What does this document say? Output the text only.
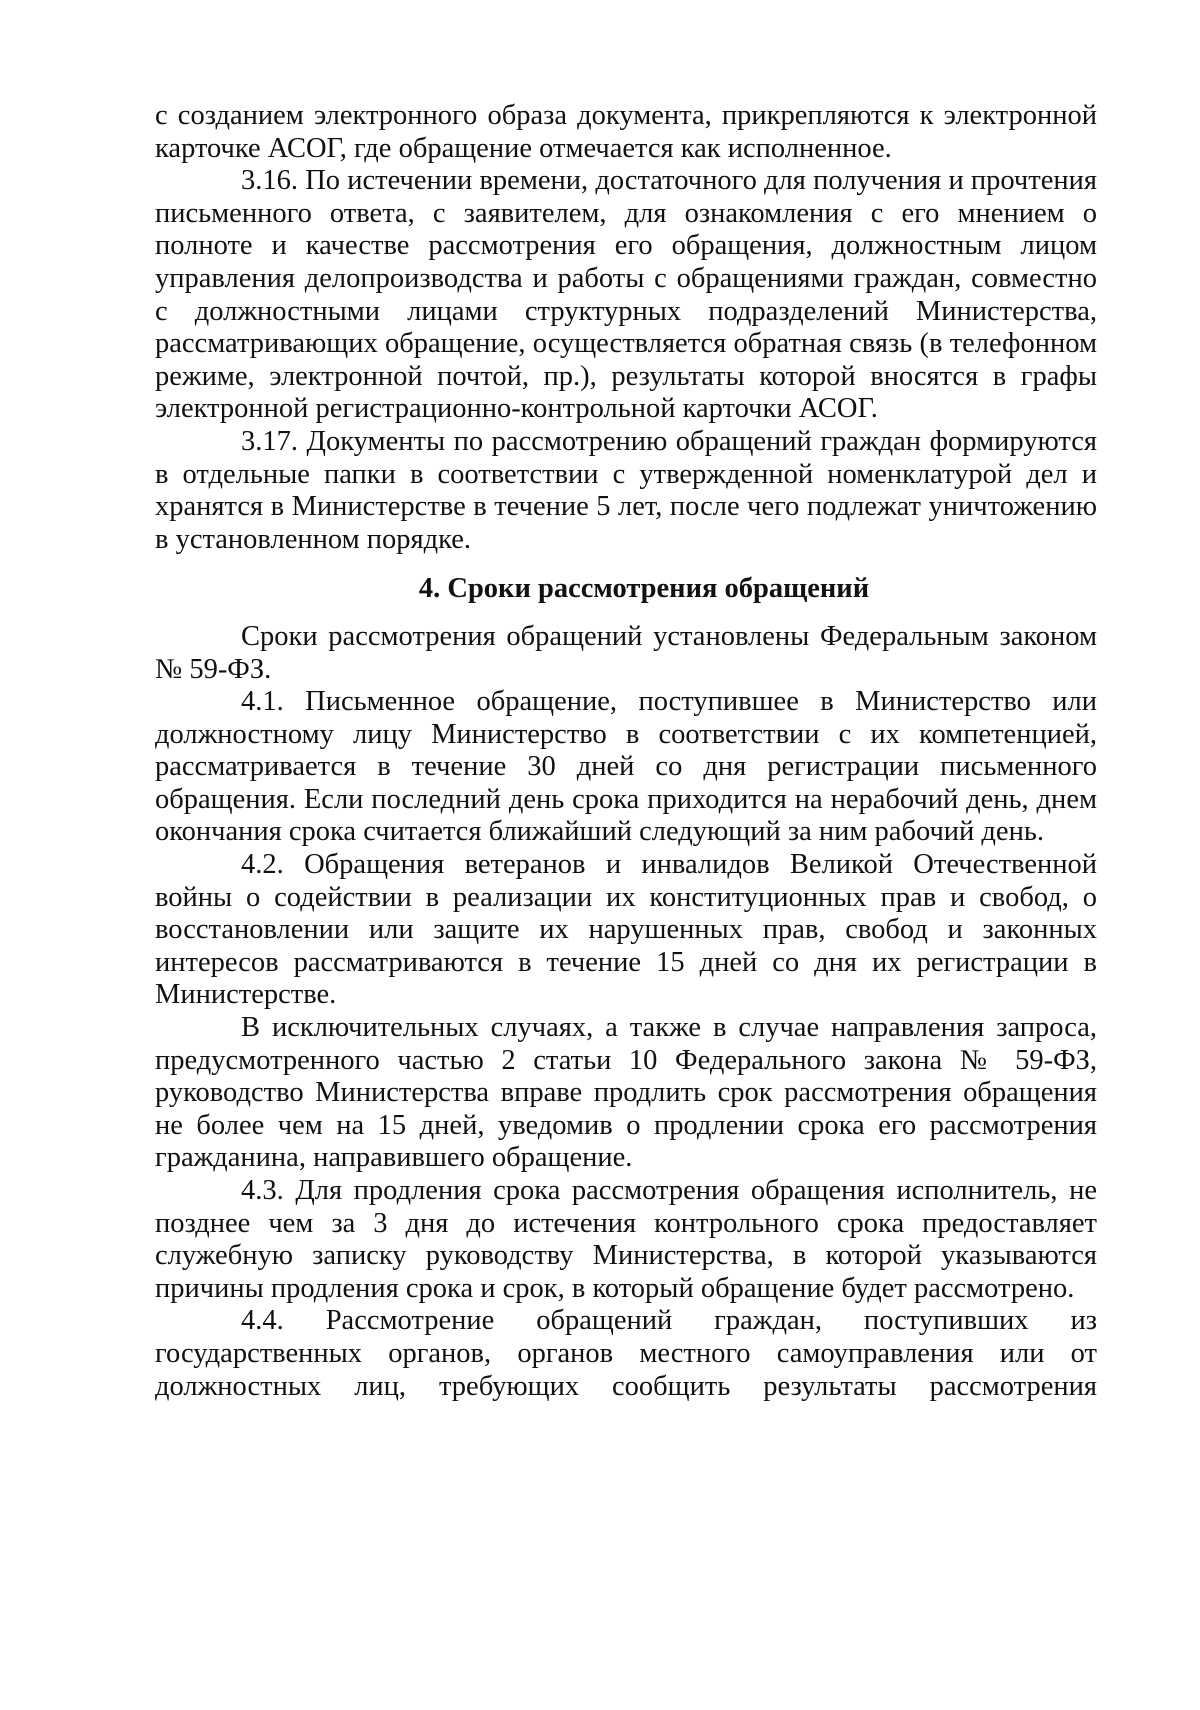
с созданием электронного образа документа, прикрепляются к электронной карточке АСОГ, где обращение отмечается как исполненное.

3.16. По истечении времени, достаточного для получения и прочтения письменного ответа, с заявителем, для ознакомления с его мнением о полноте и качестве рассмотрения его обращения, должностным лицом управления делопроизводства и работы с обращениями граждан, совместно с должностными лицами структурных подразделений Министерства, рассматривающих обращение, осуществляется обратная связь (в телефонном режиме, электронной почтой, пр.), результаты которой вносятся в графы электронной регистрационно-контрольной карточки АСОГ.

3.17. Документы по рассмотрению обращений граждан формируются в отдельные папки в соответствии с утвержденной номенклатурой дел и хранятся в Министерстве в течение 5 лет, после чего подлежат уничтожению в установленном порядке.

4. Сроки рассмотрения обращений

Сроки рассмотрения обращений установлены Федеральным законом № 59-ФЗ.

4.1. Письменное обращение, поступившее в Министерство или должностному лицу Министерство в соответствии с их компетенцией, рассматривается в течение 30 дней со дня регистрации письменного обращения. Если последний день срока приходится на нерабочий день, днем окончания срока считается ближайший следующий за ним рабочий день.

4.2. Обращения ветеранов и инвалидов Великой Отечественной войны о содействии в реализации их конституционных прав и свобод, о восстановлении или защите их нарушенных прав, свобод и законных интересов рассматриваются в течение 15 дней со дня их регистрации в Министерстве.

В исключительных случаях, а также в случае направления запроса, предусмотренного частью 2 статьи 10 Федерального закона № 59-ФЗ, руководство Министерства вправе продлить срок рассмотрения обращения не более чем на 15 дней, уведомив о продлении срока его рассмотрения гражданина, направившего обращение.

4.3. Для продления срока рассмотрения обращения исполнитель, не позднее чем за 3 дня до истечения контрольного срока предоставляет служебную записку руководству Министерства, в которой указываются причины продления срока и срок, в который обращение будет рассмотрено.

4.4. Рассмотрение обращений граждан, поступивших из государственных органов, органов местного самоуправления или от должностных лиц, требующих сообщить результаты рассмотрения
